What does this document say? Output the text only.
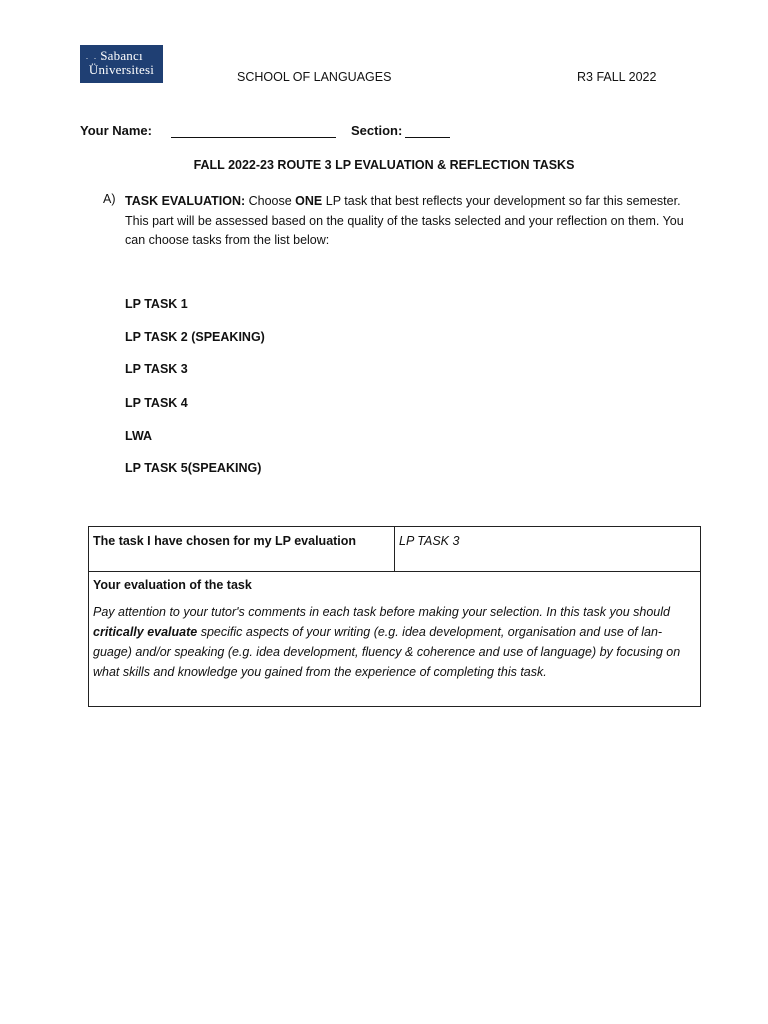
. . .
Sabancı
Üniversitesi	SCHOOL OF LANGUAGES	R3 FALL 2022
Your Name:	Section:
FALL 2022-23 ROUTE 3 LP EVALUATION & REFLECTION TASKS
A) TASK EVALUATION: Choose ONE LP task that best reflects your development so far this semester. This part will be assessed based on the quality of the tasks selected and your reflection on them. You can choose tasks from the list below:
LP TASK 1
LP TASK 2 (SPEAKING)
LP TASK 3
LP TASK 4
LWA
LP TASK 5(SPEAKING)
The task I have chosen for my LP evaluation	LP TASK 3
Your evaluation of the task
Pay attention to your tutor's comments in each task before making your selection. In this task you should critically evaluate specific aspects of your writing (e.g. idea development, organisation and use of lan-guage) and/or speaking (e.g. idea development, fluency & coherence and use of language) by focusing on what skills and knowledge you gained from the experience of completing this task.
